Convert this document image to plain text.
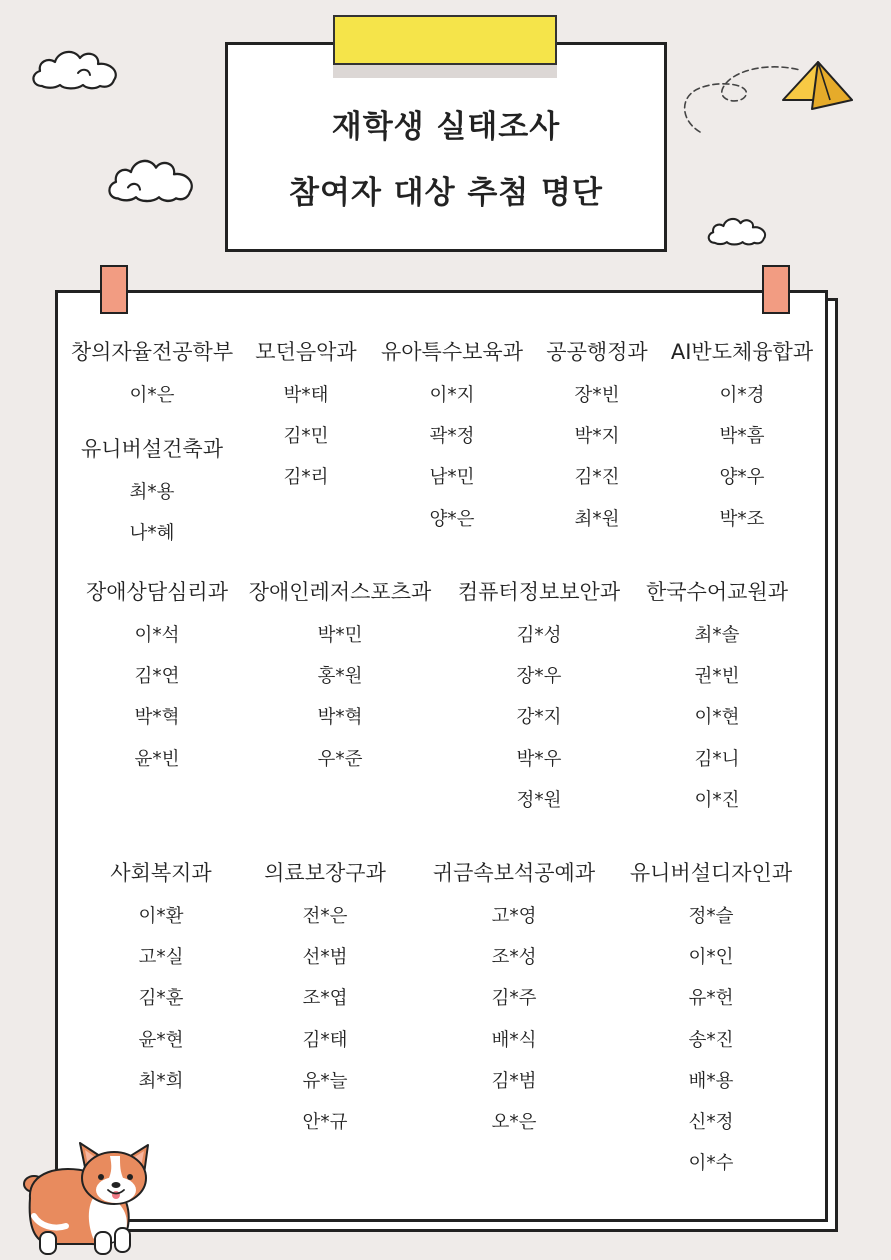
재학생 실태조사
참여자 대상 추첨 명단
창의자율전공학부
이*은
유니버설건축과
최*용
나*혜
모던음악과
박*태
김*민
김*리
유아특수보육과
이*지
곽*정
남*민
양*은
공공행정과
장*빈
박*지
김*진
최*원
AI반도체융합과
이*경
박*흠
양*우
박*조
장애상담심리과
이*석
김*연
박*혁
윤*빈
장애인레저스포츠과
박*민
홍*원
박*혁
우*준
컴퓨터정보보안과
김*성
장*우
강*지
박*우
정*원
한국수어교원과
최*솔
권*빈
이*현
김*니
이*진
사회복지과
이*환
고*실
김*훈
윤*현
최*희
의료보장구과
전*은
선*범
조*엽
김*태
유*늘
안*규
귀금속보석공예과
고*영
조*성
김*주
배*식
김*범
오*은
유니버설디자인과
정*슬
이*인
유*헌
송*진
배*용
신*정
이*수
